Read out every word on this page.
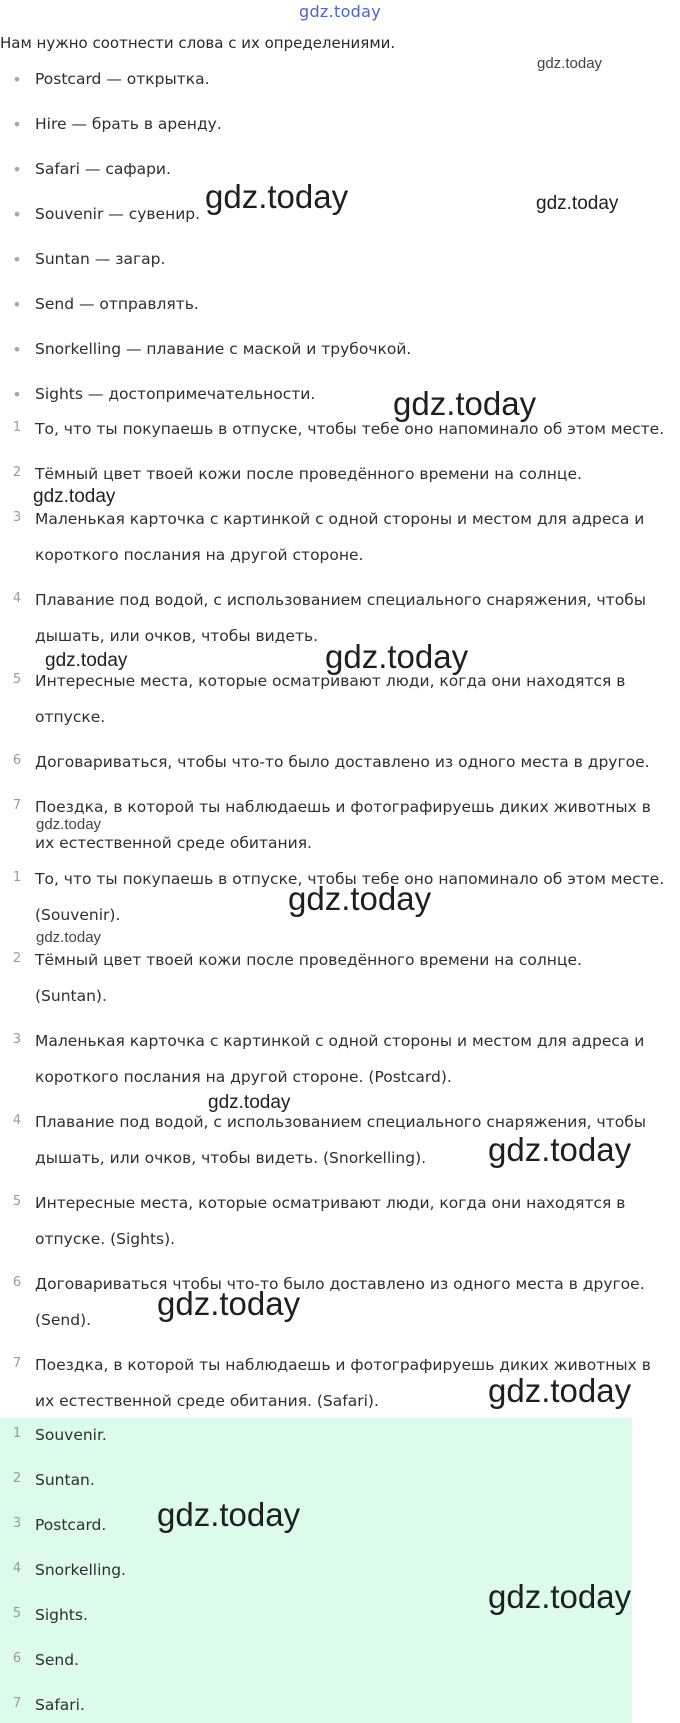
gdz.today
Нам нужно соотнести слова с их определениями.
• Postcard — открытка.
• Hire — брать в аренду.
• Safari — сафари.
• Souvenir — сувенир.
• Suntan — загар.
• Send — отправлять.
• Snorkelling — плавание с маской и трубочкой.
• Sights — достопримечательности.
1 То, что ты покупаешь в отпуске, чтобы тебе оно напоминало об этом месте.
2 Тёмный цвет твоей кожи после проведённого времени на солнце.
3 Маленькая карточка с картинкой с одной стороны и местом для адреса и
короткого послания на другой стороне.
4 Плавание под водой, с использованием специального снаряжения, чтобы
дышать, или очков, чтобы видеть.
5 Интересные места, которые осматривают люди, когда они находятся в
отпуске.
6 Договариваться, чтобы что-то было доставлено из одного места в другое.
7 Поездка, в которой ты наблюдаешь и фотографируешь диких животных в
их естественной среде обитания.
1 То, что ты покупаешь в отпуске, чтобы тебе оно напоминало об этом месте.
(Souvenir).
2 Тёмный цвет твоей кожи после проведённого времени на солнце.
(Suntan).
3 Маленькая карточка с картинкой с одной стороны и местом для адреса и
короткого послания на другой стороне. (Postcard).
4 Плавание под водой, с использованием специального снаряжения, чтобы
дышать, или очков, чтобы видеть. (Snorkelling).
5 Интересные места, которые осматривают люди, когда они находятся в
отпуске. (Sights).
6 Договариваться чтобы что-то было доставлено из одного места в другое.
(Send).
7 Поездка, в которой ты наблюдаешь и фотографируешь диких животных в
их естественной среде обитания. (Safari).
1 Souvenir.
2 Suntan.
3 Postcard.
4 Snorkelling.
5 Sights.
6 Send.
7 Safari.
gdz.today
gdz.today	gdz.today
gdz.today
gdz.today
gdz.today	gdz.today
gdz.today
gdz.today
gdz.today
gdz.today
gdz.today
gdz.today
gdz.today
gdz.today
gdz.today
